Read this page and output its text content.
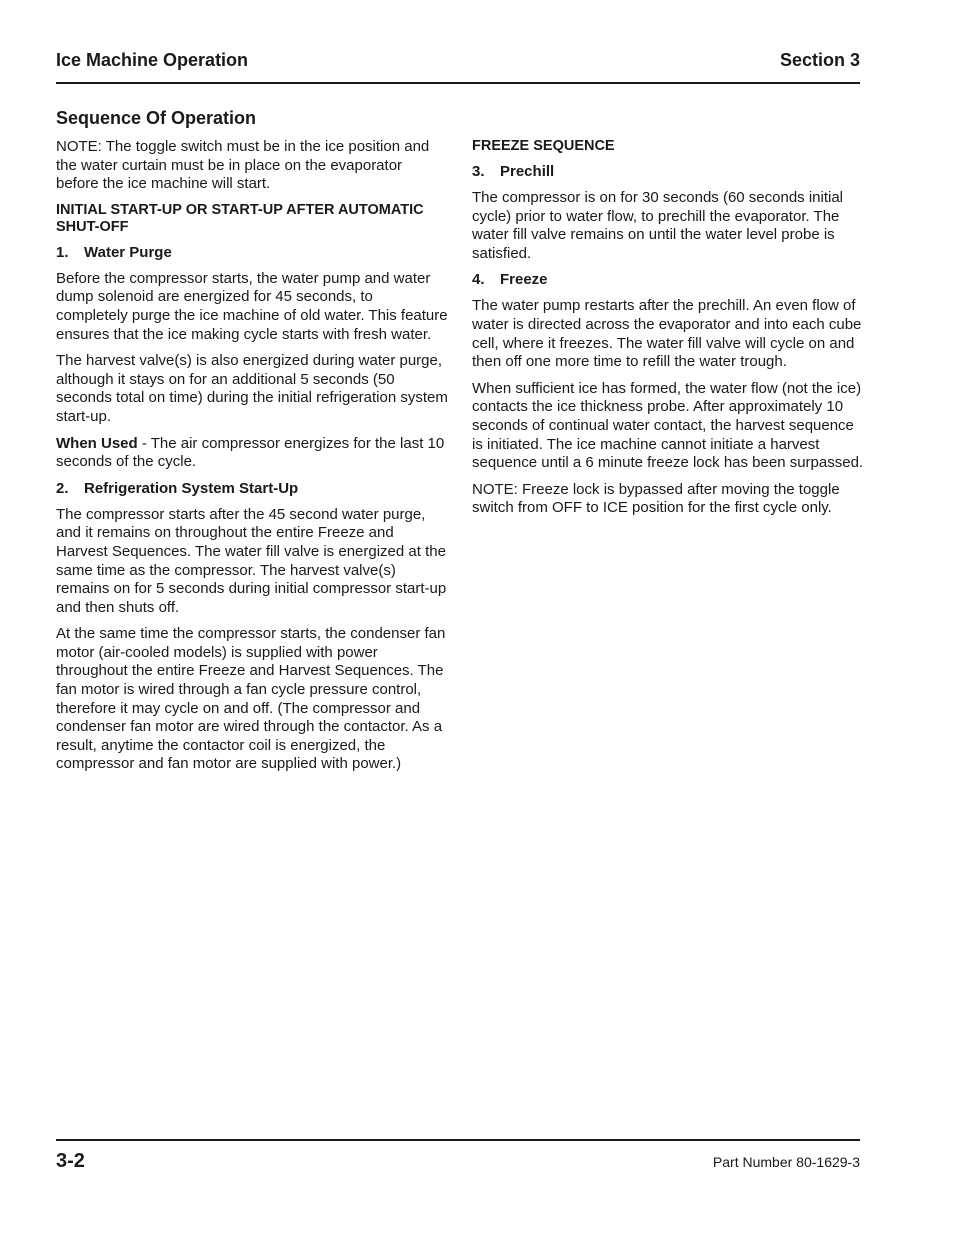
Ice Machine Operation	Section 3
Sequence Of Operation

NOTE: The toggle switch must be in the ice position and the water curtain must be in place on the evaporator before the ice machine will start.

INITIAL START-UP OR START-UP AFTER AUTOMATIC SHUT-OFF
1.	Water Purge

Before the compressor starts, the water pump and water dump solenoid are energized for 45 seconds, to completely purge the ice machine of old water. This feature ensures that the ice making cycle starts with fresh water.

The harvest valve(s) is also energized during water purge, although it stays on for an additional 5 seconds (50 seconds total on time) during the initial refrigeration system start-up.

When Used - The air compressor energizes for the last 10 seconds of the cycle.

2.	Refrigeration System Start-Up

The compressor starts after the 45 second water purge, and it remains on throughout the entire Freeze and Harvest Sequences. The water fill valve is energized at the same time as the compressor. The harvest valve(s) remains on for 5 seconds during initial compressor start-up and then shuts off.

At the same time the compressor starts, the condenser fan motor (air-cooled models) is supplied with power throughout the entire Freeze and Harvest Sequences. The fan motor is wired through a fan cycle pressure control, therefore it may cycle on and off. (The compressor and condenser fan motor are wired through the contactor. As a result, anytime the contactor coil is energized, the compressor and fan motor are supplied with power.)

FREEZE SEQUENCE
3.	Prechill

The compressor is on for 30 seconds (60 seconds initial cycle) prior to water flow, to prechill the evaporator. The water fill valve remains on until the water level probe is satisfied.

4.	Freeze

The water pump restarts after the prechill. An even flow of water is directed across the evaporator and into each cube cell, where it freezes. The water fill valve will cycle on and then off one more time to refill the water trough.

When sufficient ice has formed, the water flow (not the ice) contacts the ice thickness probe. After approximately 10 seconds of continual water contact, the harvest sequence is initiated. The ice machine cannot initiate a harvest sequence until a 6 minute freeze lock has been surpassed.

NOTE: Freeze lock is bypassed after moving the toggle switch from OFF to ICE position for the first cycle only.

3-2	Part Number 80-1629-3
